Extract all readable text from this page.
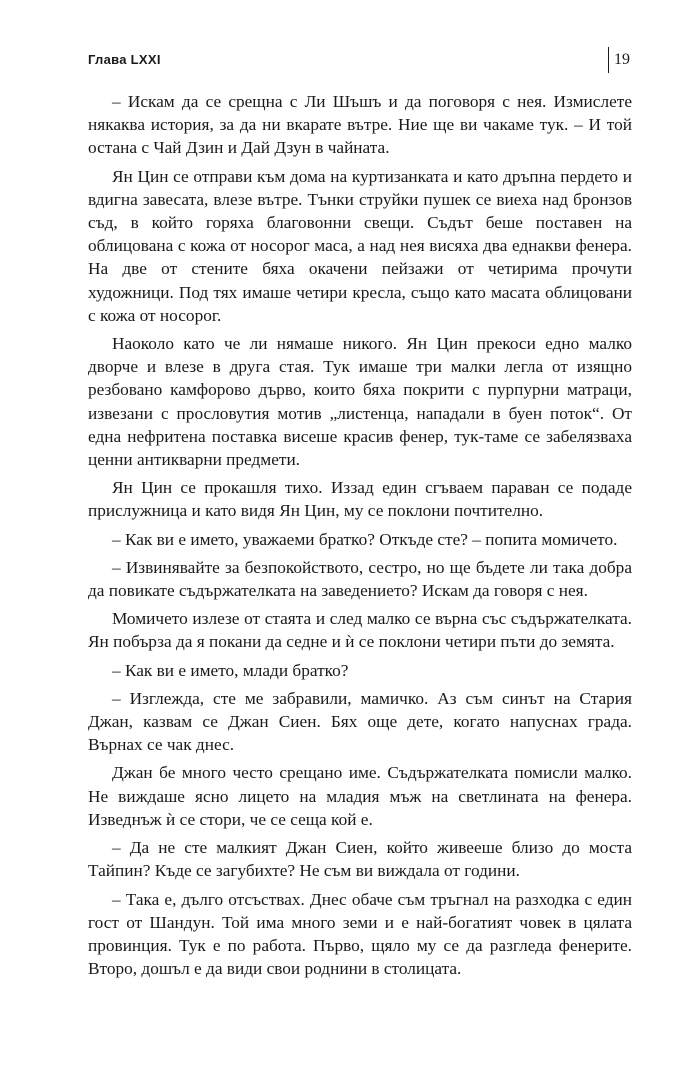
Глава LXXI	19

– Искам да се срещна с Ли Шъшъ и да поговоря с нея. Измислете някаква история, за да ни вкарате вътре. Ние ще ви чакаме тук. – И той остана с Чай Дзин и Дай Дзун в чайната.

Ян Цин се отправи към дома на куртизанката и като дръпна пердето и вдигна завесата, влезе вътре. Тънки струйки пушек се виеха над бронзов съд, в който горяха благовонни свещи. Съдът беше поставен на облицована с кожа от носорог маса, а над нея висяха два еднакви фенера. На две от стените бяха окачени пейзажи от четирима прочути художници. Под тях имаше четири кресла, също като масата облицовани с кожа от носорог.

Наоколо като че ли нямаше никого. Ян Цин прекоси едно малко дворче и влезе в друга стая. Тук имаше три малки легла от изящно резбовано камфорово дърво, които бяха покрити с пурпурни матраци, извезани с прословутия мотив „листенца, нападали в буен поток“. От една нефритена поставка висеше красив фенер, тук-таме се забелязваха ценни антикварни предмети.

Ян Цин се прокашля тихо. Иззад един сгъваем параван се подаде прислужница и като видя Ян Цин, му се поклони почтително.

– Как ви е името, уважаеми братко? Откъде сте? – попита момичето.

– Извинявайте за безпокойството, сестро, но ще бъдете ли така добра да повикате съдържателката на заведението? Искам да говоря с нея.

Момичето излезе от стаята и след малко се върна със съдържателката. Ян побърза да я покани да седне и ѝ се поклони четири пъти до земята.

– Как ви е името, млади братко?

– Изглежда, сте ме забравили, мамичко. Аз съм синът на Стария Джан, казвам се Джан Сиен. Бях още дете, когато напуснах града. Върнах се чак днес.

Джан бе много често срещано име. Съдържателката помисли малко. Не виждаше ясно лицето на младия мъж на светлината на фенера. Изведнъж ѝ се стори, че се сеща кой е.

– Да не сте малкият Джан Сиен, който живееше близо до моста Тайпин? Къде се загубихте? Не съм ви виждала от години.

– Така е, дълго отсъствах. Днес обаче съм тръгнал на разходка с един гост от Шандун. Той има много земи и е най-богатият човек в цялата провинция. Тук е по работа. Първо, щяло му се да разгледа фенерите. Второ, дошъл е да види свои роднини в столицата.
